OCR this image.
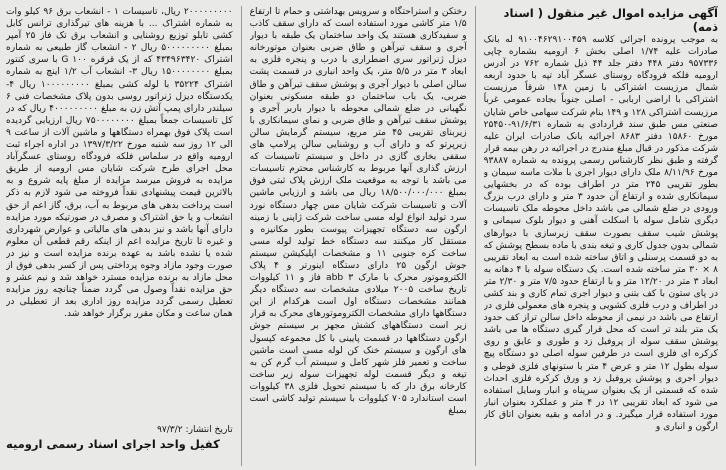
آگهی مزایده اموال غیر منقول ( اسناد ذمه)

به موجب پرونده اجرائی کلاسه ۹۱۰۰۴۶۲۹۱۰۰۴۵۹ له بانک صادرات علیه ۱/۷۴ اصلی بخش ۶ ارومیه بشماره چاپی ۹۵۷۳۳۶ دفتر ۴۴۸ دفتر جلد ۴۴ ذیل شماره ۷۶۲ در آدرس ارومیه فلکه فرودگاه روستای عسگر آباد تپه با حدود اربعه شمال مرزیست اشتراکی با زمین ۱۴۸ شرقاً مرزیست اشتراکی با اراضی اربابی - اصلی جنوباً بجاده عمومی غرباً مرزیست اشتراکی ۱۲۸ و ۱۴۹ بنام شرکت سهامی خاص شایان صنعتی مس طبق سند قراردادی به شماره ۹۱/۶/۳۱-۲۵۴۵۰ مورخ ۱۵۸۶۰ دفتر ۸۶۸۳ اجرائیه بانک صادرات ایران علیه شرکت مذکور در قبال مبلغ مندرج در اجرائیه در رهن بیمه قرار گرفته و طبق نظر کارشناس رسمی پرونده به شماره ۹۳۸۸۷ مورخ ۸/۱۱/۹۶ ملک دارای دیوار اجری با ملات ماسه سیمان و بطور تقریبی ۲۴۵ متر در اطراف بوده که در بخشهایی سیمانکاری شده و ارتفاع آن حدود ۳ متر و دارای درب بزرگ ورودی در ضلع شمالی می باشد داخل محوطه ملک تاسیسات دیگری شامل سوله با اسکلت آهنی و دیوار بلوک سیمانی و پوشش شیب سقف بصورت سقف زیرسازی با دیوارهای شمالی بدون جدول کاری و تیغه بندی با ماده بسطح پوشش که به دو قسمت پرسنلی و اتاق ساخته شده است به ابعاد تقریبی ۸ × ۳۰ متر ساخته شده است. یک دستگاه سوله با ۴ دهانه به ابعاد ۳ متر در ۱۲/۲۰ متر و با ارتفاع حدود ۷/۵ متر و ۲/۳۰ متر در پای ستون با کف بتنی و دیوار اجری تمام کاری و بند کشی در اطراف و درب فلزی کشویی و پنجره های معمولی فلزی در ارتفاع می باشد در نیمی از محوطه داخل سالن تراز کف حدود یک متر بلند تر است که محل قرار گیری دستگاه ها می باشد پوشش سقف سوله از پروفیل زد و طوری و عایق و روی کرکره ای فلزی است در طرفین سوله اصلی دو دستگاه پیچ سوله بطول ۱۲ متر و عرض ۴ متر با ستونهای فلزی قوطی و دیوار اجری و پوشش پروفیل زد و ورق کرکره فلزی احداث شده که قسمتی از یک بعنوان سرپناه و انبار وسایل استفاده می شود که ابعاد تقریبی ۱۲ در ۴ متر و عملکرد بعنوان انبار مورد استفاده قرار میگیرد. و در ادامه و بقیه بعنوان اتاق کار ارگون و انباری و

رختکن و استراحتگاه و سرویس بهداشتی و حمام تا ارتفاع ۱/۵ متر کاشی مورد استفاده است که دارای سقف کاذب و سفیدکاری هستند یک واحد ساختمان یک طبقه با دیوار آجری و سقف تیرآهن و طاق ضربی بعنوان موتورخانه دیزل ژنراتور سری اضطراری با درب و پنجره فلزی به ابعاد ۳ متر در ۵/۵ متر، یک واحد انباری در قسمت پشت سالن اصلی با دیوار آجری و پوشش سقف تیرآهن و طاق ضربی، یک باب ساختمان دو طبقه مسکونی بعنوان نگهبانی در ضلع شمالی محوطه با دیوار باربر آجری و پوشش سقف تیرآهن و طاق ضربی و نمای سیمانکاری با زیربنای تقریبی ۴۵ متر مربع، سیستم گرمایش سالن زیرپرتو که و دارای آب و روشنایی سالن پرلامپ های سقفی بخاری گازی در داخل و سیستم تاسیسات که ارزش گذاری آنها مربوط به کارشناس محترم تاسیسات می باشد با توجه به موقعیت ملک ارزش پلاک ثبتی فوق بمبلغ ۱۸/۵۰۰/۰۰۰/۰۰۰ ریال می باشد و ارزیابی ماشین آلات و تاسیسات شرکت شایان مس چهار دستگاه نورد سرد تولید انواع لوله مسی ساخت شرکت ژاپنی با زمینه ارگون سه دستگاه تجهیزات پیوست بطور مکانیزه و مستقل کار میکنند سه دستگاه خط تولید لوله مسی ساخت کره جنوبی ۱۱ و مشخصات اپلیکیشن سیستم جوش ارگون ۲۵ دارای دستگاه اینورتر و ۴ پلاک الکتروموتور محرک با مارک abb ۳ فاز و ۱۱ کیلووات تاریخ ساخت ۲۰۰۵ میلادی مشخصات سه دستگاه دیگر همانند مشخصات دستگاه اول است هرکدام از این دستگاهها دارای مشخصات الکتروموتورهای محرک به قرار زیر است دستگاههای کشش مجهز بر سیستم جوش ارگون دستگاهها در قسمت پایینی با کل مجموعه کپسول های ارگون و سیستم خنک کن لوله مسی است ماشین ساخت و تعمیر فلز شهر کامل و سیستم آب گرم کن به تیغه و دیگر قسمت لوله تجهیزات سوله زیر ساخت کارخانه برق دار که با سیستم تحویل فلزی ۳۸ کیلووات است استاندارد ۷۰۵ کیلووات با سیستم تولید کاشی است بمبلغ

۲۰۰۰۰۰۰۰۰۰ ریال، تاسیسات ۱ - انشعاب برق ۹۶ کیلو وات به شماره اشتراک ... با هزینه های تیرگذاری ترانس کابل کشی تابلو توزیع روشنایی و انشعاب برق تک فاز ۲۵ آمپر بمبلغ ۵۰۰۰۰۰۰۰۰۰ ریال ۲ - انشعاب گاز طبیعی به شماره اشتراک ۴۳۴۹۶۳۴۲۰ که از یک قرقره ۱۰۰ G با سری کنتور بمبلغ ۱۵۰۰۰۰۰۰۰۰ ریال ۳- انشعاب آب ۱/۲ اینچ به شماره اشتراک ۳۵۲۲۴ با لوله کشی بمبلغ ۱۰۰۰۰۰۰۰۰۰ ریال ۴- یکدستگاه دیزل ژنراتور روسی بدون پلاک مشخصات فنی ۶ سیلندر دارای پمپ آتش زن به مبلغ ۴۰۰۰۰۰۰۰۰۰ ریال که در کل تاسیسات جمعاً بمبلغ ۷۵۰۰۰۰۰۰۰۰ ریال ارزیابی گردیده است پلاک فوق بهمراه دستگاهها و ماشین آلات از ساعت ۹ الی ۱۲ روز سه شنبه مورخ ۱۳۹۷/۳/۲۲ در اداره اجراء ثبت ارومیه واقع در سلماس فلکه فرودگاه روستای عسگرآباد محل اجرای طرح شرکت شایان مس ارومیه از طریق مزایده به فروش میرسد مزایده از مبلغ پایه شروع و به بالاترین قیمت پیشنهادی نقداً فروخته می شود لازم به ذکر است پرداخت بدهی های مربوط به آب، برق، گاز اعم از حق انشعاب و یا حق اشتراک و مصرف در صورتیکه مورد مزایده دارای آنها باشد و نیز بدهی های مالیاتی و عوارض شهرداری و غیره تا تاریخ مزایده اعم از اینکه رقم قطعی آن معلوم شده یا نشده باشد به عهده برنده مزایده است و نیز در صورت وجود مازاد وجوه پرداختی پس از کسر بدهی فوق از محل مازاد به برنده مزایده مسترد خواهد شد و نیم عشر و حق مزایده نقداً وصول می گردد ضمناً چنانچه روز مزایده تعطیل رسمی گردد مزایده روز اداری بعد از تعطیلی در همان ساعت و مکان مقرر برگزار خواهد شد.

تاریخ انتشار: ۹۷/۳/۲

کفیل واحد اجرای اسناد رسمی ارومیه
